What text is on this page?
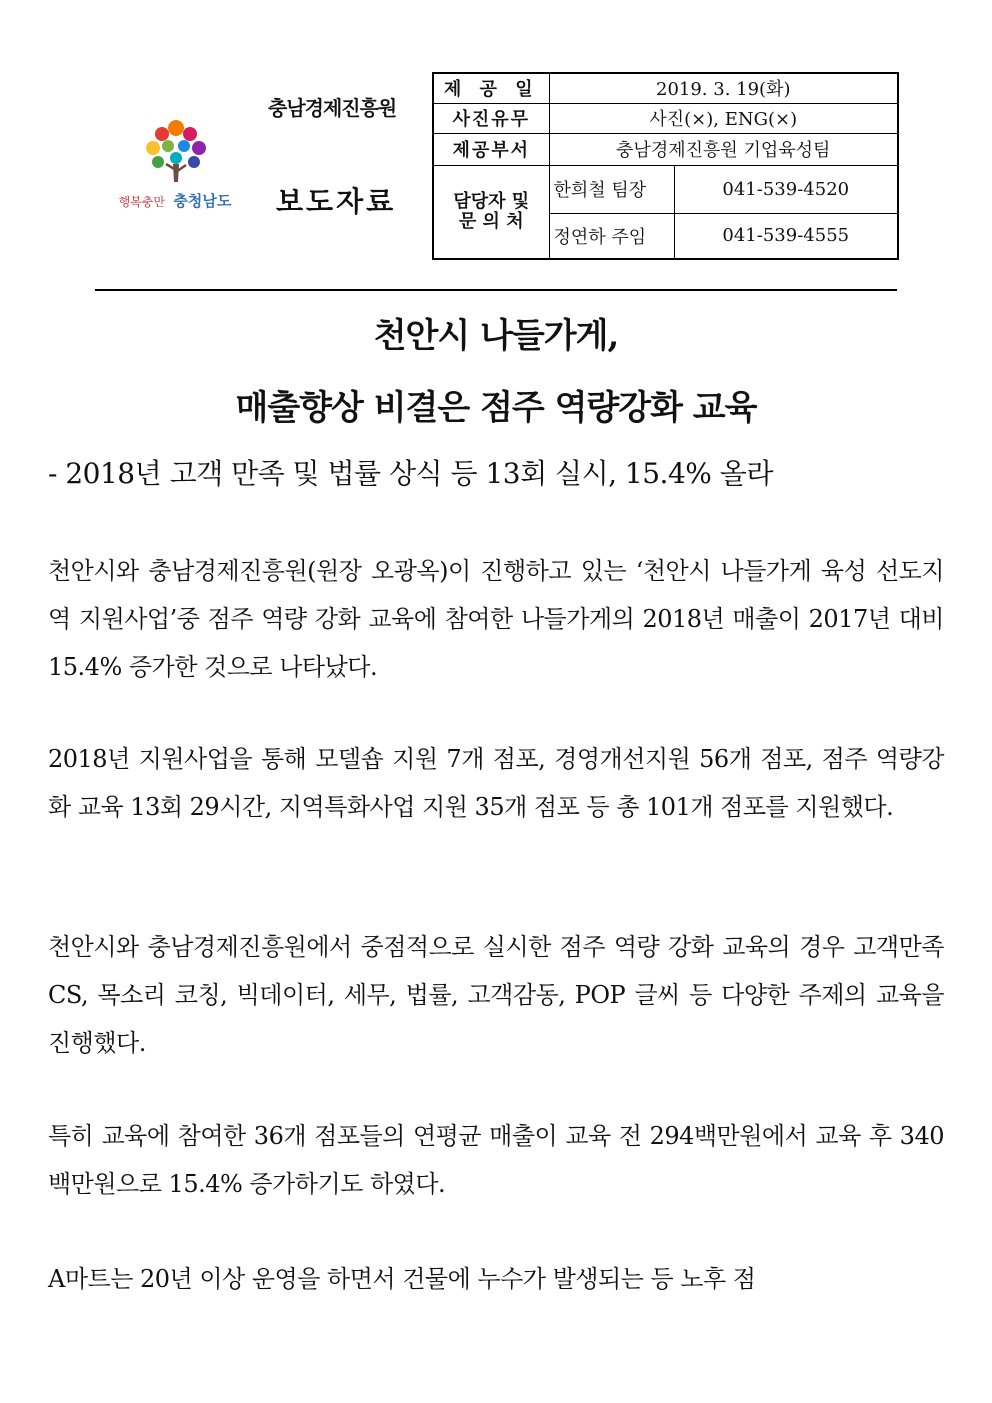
행복충만 충청남도
충남경제진흥원
보도자료
제 공 일	2019. 3. 19(화)	
사진유무	사진(×), ENG(×)	
제공부서	충남경제진흥원 기업육성팀	

담당자 및
문 의 처	한희철 팀장	041-539-4520
	정연하 주임	041-539-4555
천안시 나들가게,
매출향상 비결은 점주 역량강화 교육
- 2018년 고객 만족 및 법률 상식 등 13회 실시, 15.4% 올라
천안시와 충남경제진흥원(원장 오광옥)이 진행하고 있는 ‘천안시 나들가게 육성 선도지역 지원사업’중 점주 역량 강화 교육에 참여한 나들가게의 2018년 매출이 2017년 대비 15.4% 증가한 것으로 나타났다.
2018년 지원사업을 통해 모델숍 지원 7개 점포, 경영개선지원 56개 점포, 점주 역량강화 교육 13회 29시간, 지역특화사업 지원 35개 점포 등 총 101개 점포를 지원했다.
천안시와 충남경제진흥원에서 중점적으로 실시한 점주 역량 강화 교육의 경우 고객만족 CS, 목소리 코칭, 빅데이터, 세무, 법률, 고객감동, POP 글씨 등 다양한 주제의 교육을 진행했다.
특히 교육에 참여한 36개 점포들의 연평균 매출이 교육 전 294백만원에서 교육 후 340백만원으로 15.4% 증가하기도 하였다.
A마트는 20년 이상 운영을 하면서 건물에 누수가 발생되는 등 노후 점
